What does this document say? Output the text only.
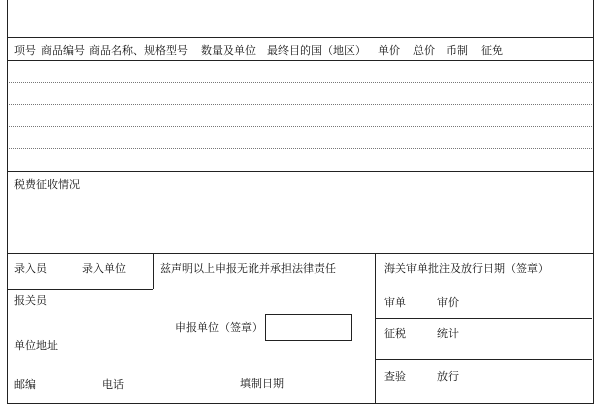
项号 商品编号 商品名称、规格型号 数量及单位 最终目的国（地区） 单价 总价 币制 征免
税费征收情况
录入员	录入单位
报关员
单位地址
邮编	电话
兹声明以上申报无讹并承担法律责任
申报单位（签章）
填制日期
海关审单批注及放行日期（签章）
审单	审价
征税	统计
查验	放行
